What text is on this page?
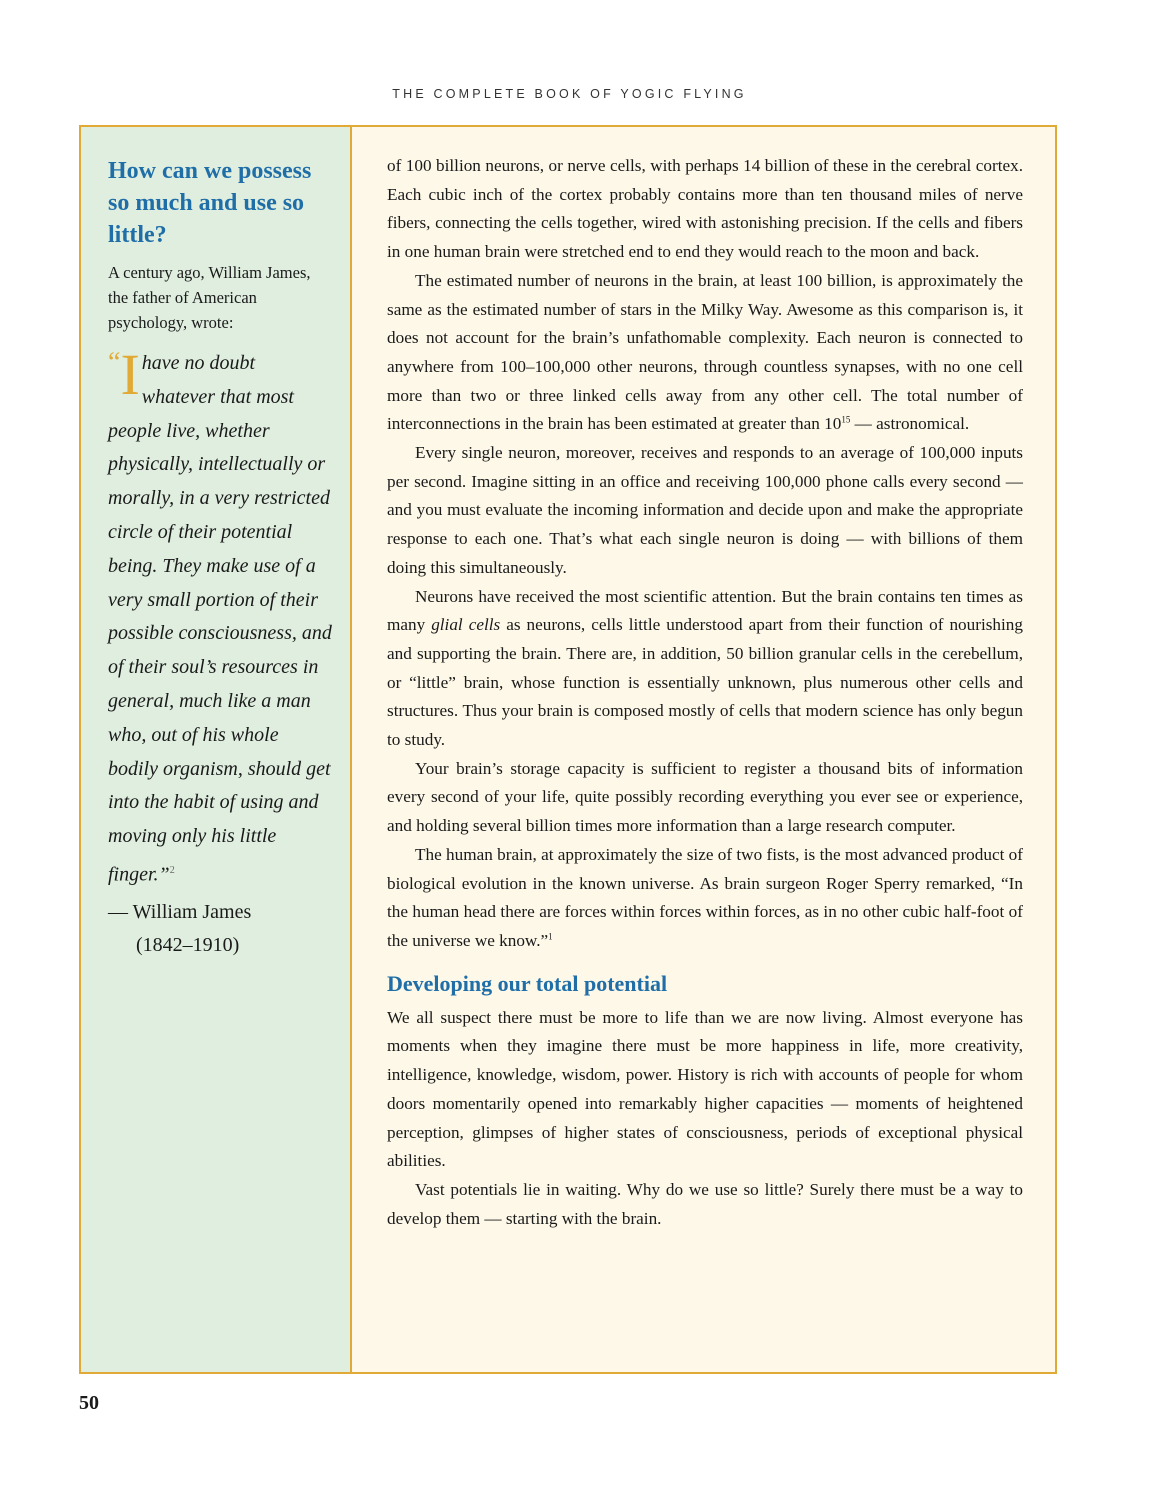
THE COMPLETE BOOK OF YOGIC FLYING
How can we possess so much and use so little?

A century ago, William James, the father of American psychology, wrote:

“I have no doubt whatever that most people live, whether physically, intellectually or morally, in a very restricted circle of their potential being. They make use of a very small portion of their possible consciousness, and of their soul’s resources in general, much like a man who, out of his whole bodily organism, should get into the habit of using and moving only his little finger.”$^2$
— William James
(1842–1910)

of 100 billion neurons, or nerve cells, with perhaps 14 billion of these in the cerebral cortex. Each cubic inch of the cortex probably contains more than ten thousand miles of nerve fibers, connecting the cells together, wired with astonishing precision. If the cells and fibers in one human brain were stretched end to end they would reach to the moon and back.

The estimated number of neurons in the brain, at least 100 billion, is approximately the same as the estimated number of stars in the Milky Way. Awesome as this comparison is, it does not account for the brain’s unfathomable complexity. Each neuron is connected to anywhere from 100–100,000 other neurons, through countless synapses, with no one cell more than two or three linked cells away from any other cell. The total number of interconnections in the brain has been estimated at greater than $10^{15}$ — astronomical.

Every single neuron, moreover, receives and responds to an average of 100,000 inputs per second. Imagine sitting in an office and receiving 100,000 phone calls every second — and you must evaluate the incoming information and decide upon and make the appropriate response to each one. That’s what each single neuron is doing — with billions of them doing this simultaneously.

Neurons have received the most scientific attention. But the brain contains ten times as many glial cells as neurons, cells little understood apart from their function of nourishing and supporting the brain. There are, in addition, 50 billion granular cells in the cerebellum, or “little” brain, whose function is essentially unknown, plus numerous other cells and structures. Thus your brain is composed mostly of cells that modern science has only begun to study.

Your brain’s storage capacity is sufficient to register a thousand bits of information every second of your life, quite possibly recording everything you ever see or experience, and holding several billion times more information than a large research computer.

The human brain, at approximately the size of two fists, is the most advanced product of biological evolution in the known universe. As brain surgeon Roger Sperry remarked, “In the human head there are forces within forces within forces, as in no other cubic half-foot of the universe we know.”$^1$

Developing our total potential

We all suspect there must be more to life than we are now living. Almost everyone has moments when they imagine there must be more happiness in life, more creativity, intelligence, knowledge, wisdom, power. History is rich with accounts of people for whom doors momentarily opened into remarkably higher capacities — moments of heightened perception, glimpses of higher states of consciousness, periods of exceptional physical abilities.

Vast potentials lie in waiting. Why do we use so little? Surely there must be a way to develop them — starting with the brain.

50
